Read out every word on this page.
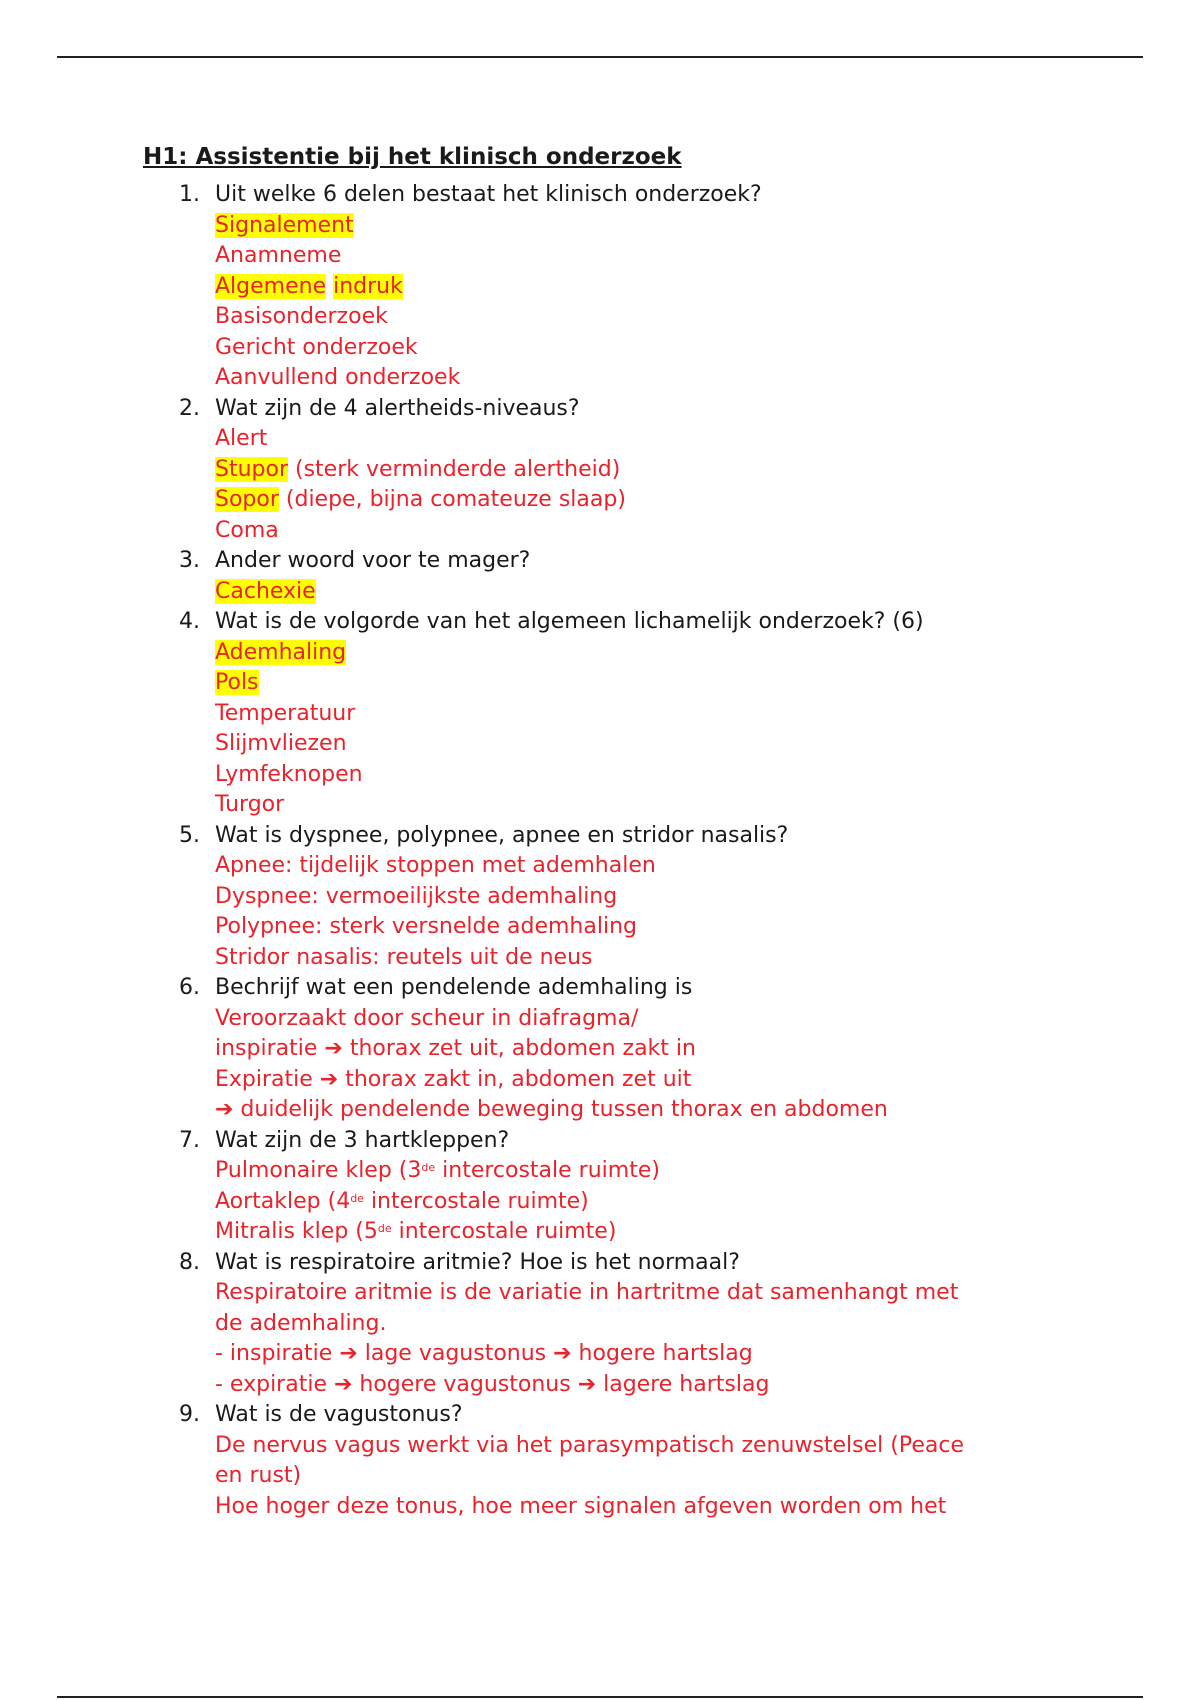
H1: Assistentie bij het klinisch onderzoek
1. Uit welke 6 delen bestaat het klinisch onderzoek?

Signalement

Anamneme

Algemene indruk

Basisonderzoek

Gericht onderzoek

Aanvullend onderzoek

2. Wat zijn de 4 alertheids-niveaus?

Alert

Stupor (sterk verminderde alertheid)

Sopor (diepe, bijna comateuze slaap)

Coma

3. Ander woord voor te mager?

Cachexie

4. Wat is de volgorde van het algemeen lichamelijk onderzoek? (6)

Ademhaling

Pols

Temperatuur

Slijmvliezen

Lymfeknopen

Turgor

5. Wat is dyspnee, polypnee, apnee en stridor nasalis?

Apnee: tijdelijk stoppen met ademhalen

Dyspnee: vermoeilijkste ademhaling

Polypnee: sterk versnelde ademhaling

Stridor nasalis: reutels uit de neus

6. Bechrijf wat een pendelende ademhaling is

Veroorzaakt door scheur in diafragma/

inspiratie ➔ thorax zet uit, abdomen zakt in

Expiratie ➔ thorax zakt in, abdomen zet uit

➔ duidelijk pendelende beweging tussen thorax en abdomen

7. Wat zijn de 3 hartkleppen?

Pulmonaire klep (3de intercostale ruimte)

Aortaklep (4de intercostale ruimte)

Mitralis klep (5de intercostale ruimte)

8. Wat is respiratoire aritmie? Hoe is het normaal?

Respiratoire aritmie is de variatie in hartritme dat samenhangt met

de ademhaling.

- inspiratie ➔ lage vagustonus ➔ hogere hartslag

- expiratie ➔ hogere vagustonus ➔ lagere hartslag

9. Wat is de vagustonus?

De nervus vagus werkt via het parasympatisch zenuwstelsel (Peace

en rust)

Hoe hoger deze tonus, hoe meer signalen afgeven worden om het
